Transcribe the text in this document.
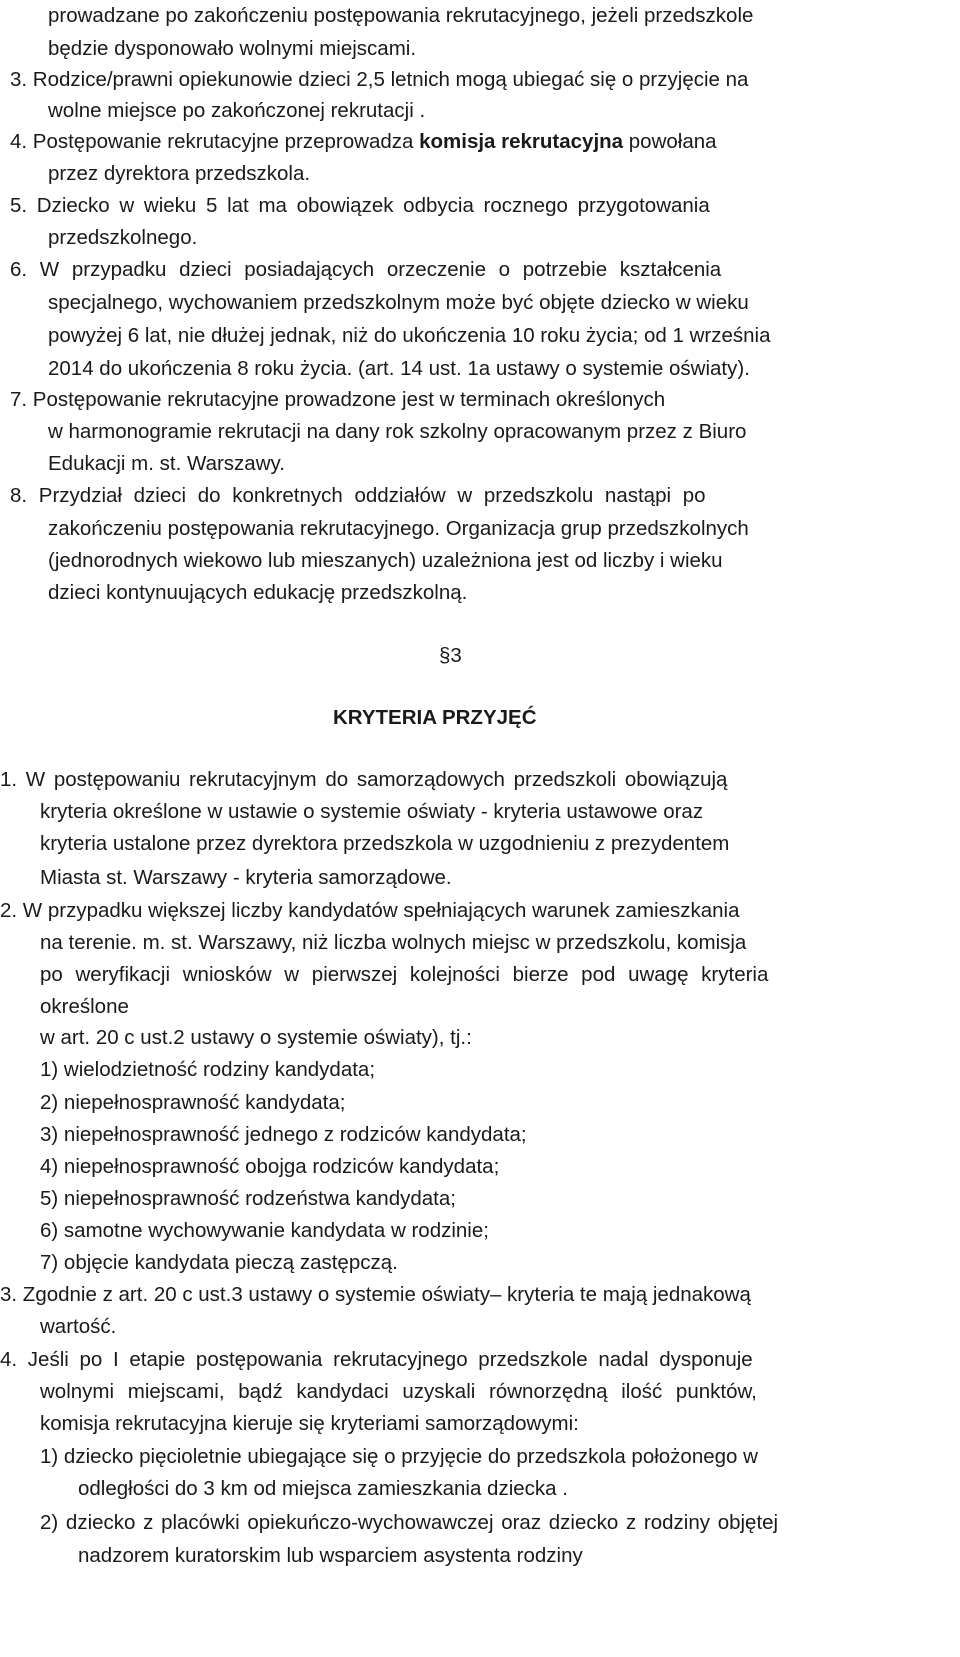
prowadzane po zakończeniu postępowania rekrutacyjnego, jeżeli przedszkole
będzie dysponowało wolnymi miejscami.
3. Rodzice/prawni opiekunowie dzieci 2,5 letnich mogą ubiegać się o przyjęcie na
wolne miejsce po zakończonej rekrutacji .
4. Postępowanie rekrutacyjne przeprowadza komisja rekrutacyjna powołana
przez dyrektora przedszkola.
5. Dziecko w wieku 5 lat ma obowiązek odbycia rocznego przygotowania
przedszkolnego.
6. W przypadku dzieci posiadających orzeczenie o potrzebie kształcenia
specjalnego, wychowaniem przedszkolnym może być objęte dziecko w wieku
powyżej 6 lat, nie dłużej jednak, niż do ukończenia 10 roku życia; od 1 września
2014 do ukończenia 8 roku życia. (art. 14 ust. 1a ustawy o systemie oświaty).
7. Postępowanie rekrutacyjne prowadzone jest w terminach określonych
w harmonogramie rekrutacji na dany rok szkolny opracowanym przez z Biuro
Edukacji m. st. Warszawy.
8. Przydział dzieci do konkretnych oddziałów w przedszkolu nastąpi po
zakończeniu postępowania rekrutacyjnego. Organizacja grup przedszkolnych
(jednorodnych wiekowo lub mieszanych) uzależniona jest od liczby i wieku
dzieci kontynuujących edukację przedszkolną.
§3
KRYTERIA PRZYJĘĆ
1. W postępowaniu rekrutacyjnym do samorządowych przedszkoli obowiązują
kryteria określone w ustawie o systemie oświaty - kryteria ustawowe oraz
kryteria ustalone przez dyrektora przedszkola w uzgodnieniu z prezydentem
Miasta st. Warszawy - kryteria samorządowe.
2. W przypadku większej liczby kandydatów spełniających warunek zamieszkania
na terenie. m. st. Warszawy, niż liczba wolnych miejsc w przedszkolu, komisja
po weryfikacji wniosków w pierwszej kolejności bierze pod uwagę kryteria
określone
w art. 20 c ust.2 ustawy o systemie oświaty), tj.:
1) wielodzietność rodziny kandydata;
2) niepełnosprawność kandydata;
3) niepełnosprawność jednego z rodziców kandydata;
4) niepełnosprawność obojga rodziców kandydata;
5) niepełnosprawność rodzeństwa kandydata;
6) samotne wychowywanie kandydata w rodzinie;
7) objęcie kandydata pieczą zastępczą.
3. Zgodnie z art. 20 c ust.3 ustawy o systemie oświaty– kryteria te mają jednakową
wartość.
4. Jeśli po I etapie postępowania rekrutacyjnego przedszkole nadal dysponuje
wolnymi miejscami, bądź kandydaci uzyskali równorzędną ilość punktów,
komisja rekrutacyjna kieruje się kryteriami samorządowymi:
1) dziecko pięcioletnie ubiegające się o przyjęcie do przedszkola położonego w
odległości do 3 km od miejsca zamieszkania dziecka .
2) dziecko z placówki opiekuńczo-wychowawczej oraz dziecko z rodziny objętej
nadzorem kuratorskim lub wsparciem asystenta rodziny
